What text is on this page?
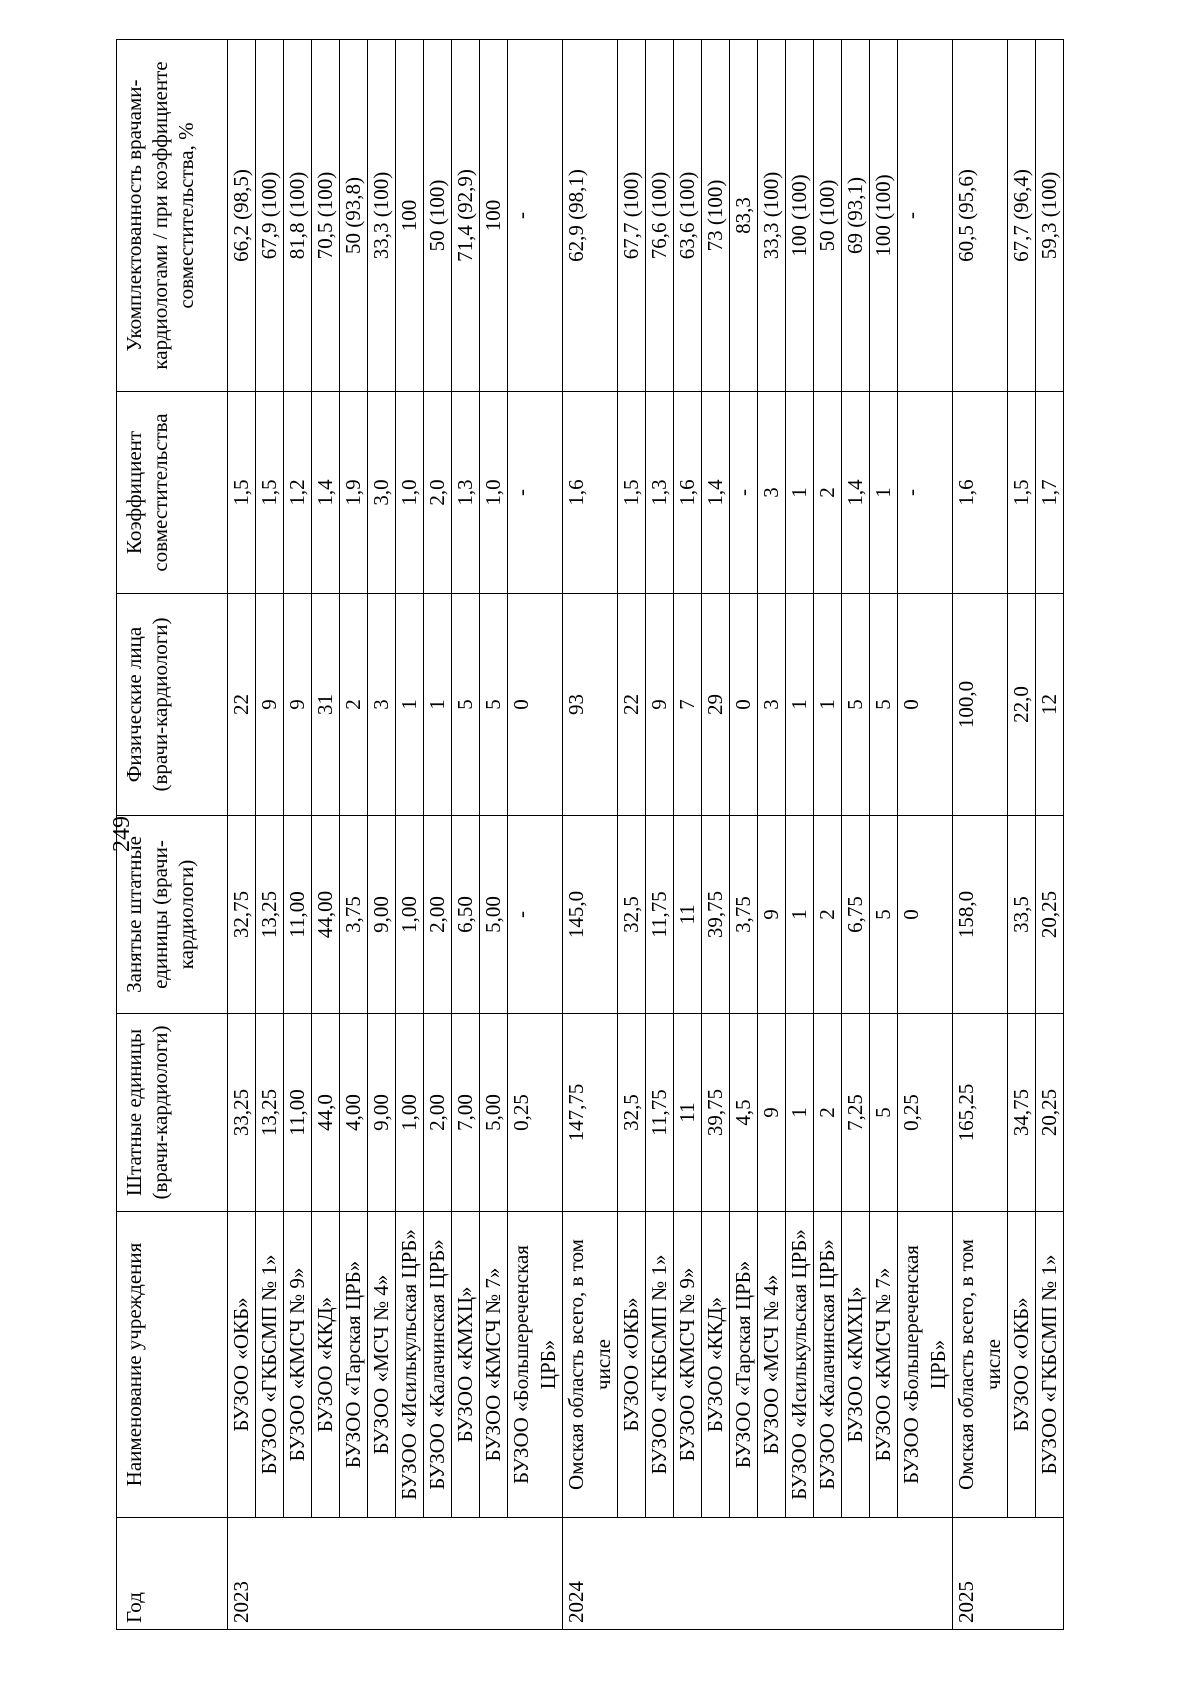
249
Год	Наименование учреждения	Штатные единицы (врачи-кардиологи)	Занятые штатные единицы (врачи-кардиологи)	Физические лица (врачи-кардиологи)	Коэффициент совместительства	Укомплектованность врачами-кардиологами / при коэффициенте совместительства, %
2023	БУЗОО «ОКБ»	33,25	32,75	22	1,5	66,2 (98,5)
	БУЗОО «ГКБСМП № 1»	13,25	13,25	9	1,5	67,9 (100)
	БУЗОО «КМСЧ № 9»	11,00	11,00	9	1,2	81,8 (100)
	БУЗОО «ККД»	44,0	44,00	31	1,4	70,5 (100)
	БУЗОО «Тарская ЦРБ»	4,00	3,75	2	1,9	50 (93,8)
	БУЗОО «МСЧ № 4»	9,00	9,00	3	3,0	33,3 (100)
	БУЗОО «Исилькульская ЦРБ»	1,00	1,00	1	1,0	100
	БУЗОО «Калачинская ЦРБ»	2,00	2,00	1	2,0	50 (100)
	БУЗОО «КМХЦ»	7,00	6,50	5	1,3	71,4 (92,9)
	БУЗОО «КМСЧ № 7»	5,00	5,00	5	1,0	100
	БУЗОО «Большереченская ЦРБ»	0,25	-	0	-	-
2024	Омская область всего, в том числе	147,75	145,0	93	1,6	62,9 (98,1)
	БУЗОО «ОКБ»	32,5	32,5	22	1,5	67,7 (100)
	БУЗОО «ГКБСМП № 1»	11,75	11,75	9	1,3	76,6 (100)
	БУЗОО «КМСЧ № 9»	11	11	7	1,6	63,6 (100)
	БУЗОО «ККД»	39,75	39,75	29	1,4	73 (100)
	БУЗОО «Тарская ЦРБ»	4,5	3,75	0	-	83,3
	БУЗОО «МСЧ № 4»	9	9	3	3	33,3 (100)
	БУЗОО «Исилькульская ЦРБ»	1	1	1	1	100 (100)
	БУЗОО «Калачинская ЦРБ»	2	2	1	2	50 (100)
	БУЗОО «КМХЦ»	7,25	6,75	5	1,4	69 (93,1)
	БУЗОО «КМСЧ № 7»	5	5	5	1	100 (100)
	БУЗОО «Большереченская ЦРБ»	0,25	0	0	-	-
2025	Омская область всего, в том числе	165,25	158,0	100,0	1,6	60,5 (95,6)
	БУЗОО «ОКБ»	34,75	33,5	22,0	1,5	67,7 (96,4)
	БУЗОО «ГКБСМП № 1»	20,25	20,25	12	1,7	59,3 (100)
